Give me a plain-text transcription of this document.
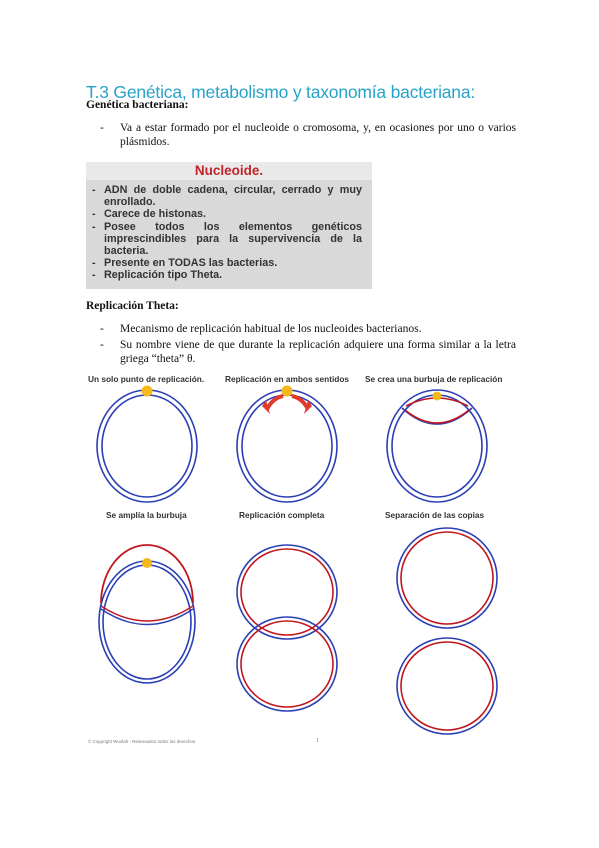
T.3 Genética, metabolismo y taxonomía bacteriana:
Genética bacteriana:
- Va a estar formado por el nucleoide o cromosoma, y, en ocasiones por uno o varios plásmidos.
Nucleoide.
- ADN de doble cadena, circular, cerrado y muy enrollado.
- Carece de histonas.
- Posee todos los elementos genéticos imprescindibles para la supervivencia de la bacteria.
- Presente en TODAS las bacterias.
- Replicación tipo Theta.
Replicación Theta:
- Mecanismo de replicación habitual de los nucleoides bacterianos.
- Su nombre viene de que durante la replicación adquiere una forma similar a la letra griega “theta” θ.
Un solo punto de replicación.	Replicación en ambos sentidos Se crea una burbuja de replicación
Se amplía la burbuja	Replicación completa	Separación de las copias
© Copyright Wuolah - Reservados todos los derechos	1
